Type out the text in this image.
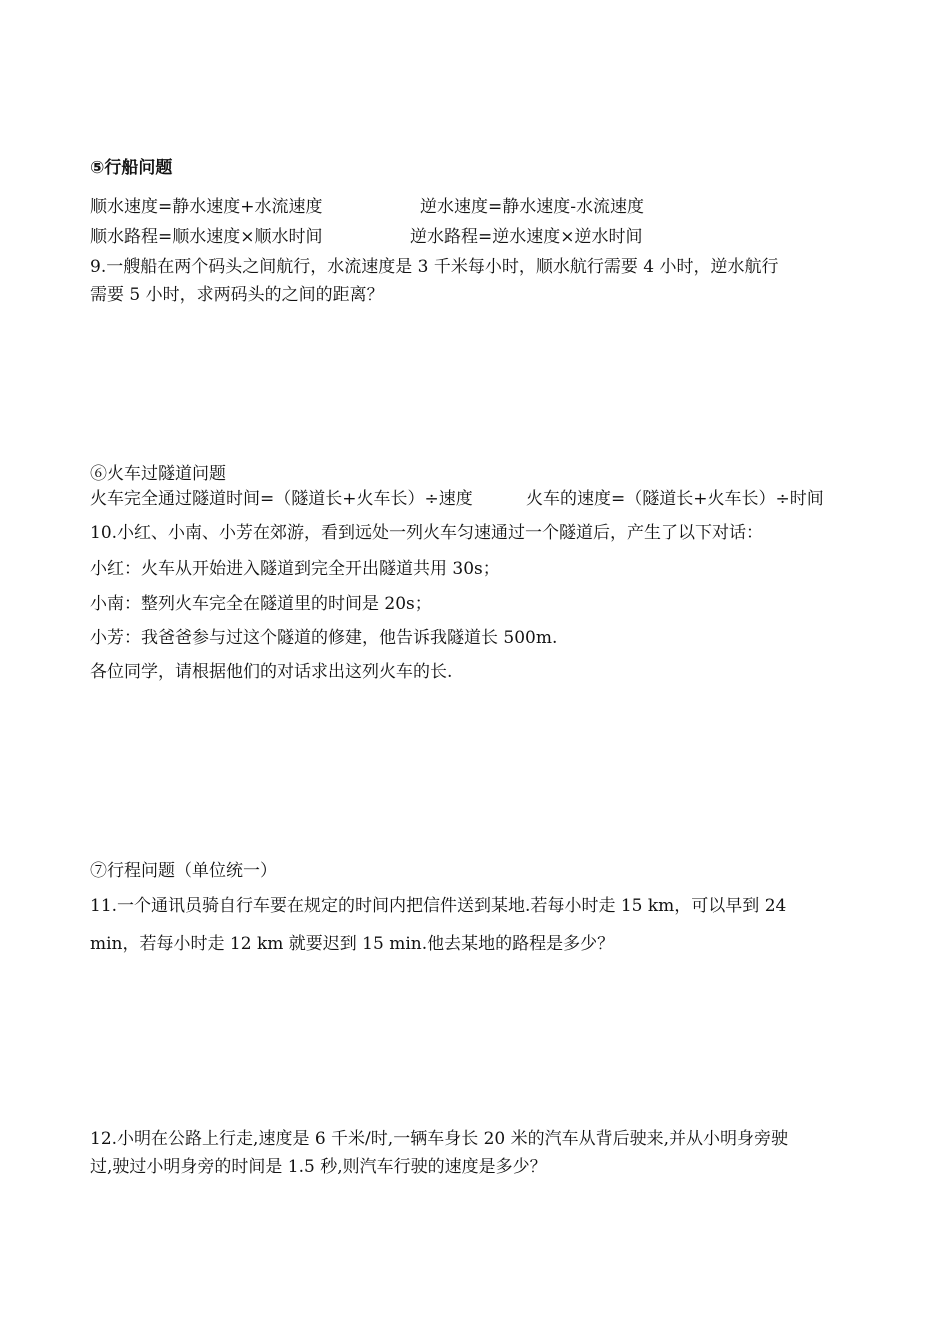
⑤行船问题
顺水速度=静水速度+水流速度	逆水速度=静水速度-水流速度
顺水路程=顺水速度×顺水时间	逆水路程=逆水速度×逆水时间
9.一艘船在两个码头之间航行，水流速度是 3 千米每小时，顺水航行需要 4 小时，逆水航行
需要 5 小时，求两码头的之间的距离？
⑥火车过隧道问题
火车完全通过隧道时间=（隧道长+火车长）÷速度	火车的速度=（隧道长+火车长）÷时间
10.小红、小南、小芳在郊游，看到远处一列火车匀速通过一个隧道后，产生了以下对话：
小红：火车从开始进入隧道到完全开出隧道共用 30s；
小南：整列火车完全在隧道里的时间是 20s；
小芳：我爸爸参与过这个隧道的修建，他告诉我隧道长 500m.
各位同学，请根据他们的对话求出这列火车的长.
⑦行程问题（单位统一）
11.一个通讯员骑自行车要在规定的时间内把信件送到某地.若每小时走 15 km，可以早到 24
min，若每小时走 12 km 就要迟到 15 min.他去某地的路程是多少？
12.小明在公路上行走,速度是 6 千米/时,一辆车身长 20 米的汽车从背后驶来,并从小明身旁驶
过,驶过小明身旁的时间是 1.5 秒,则汽车行驶的速度是多少？
